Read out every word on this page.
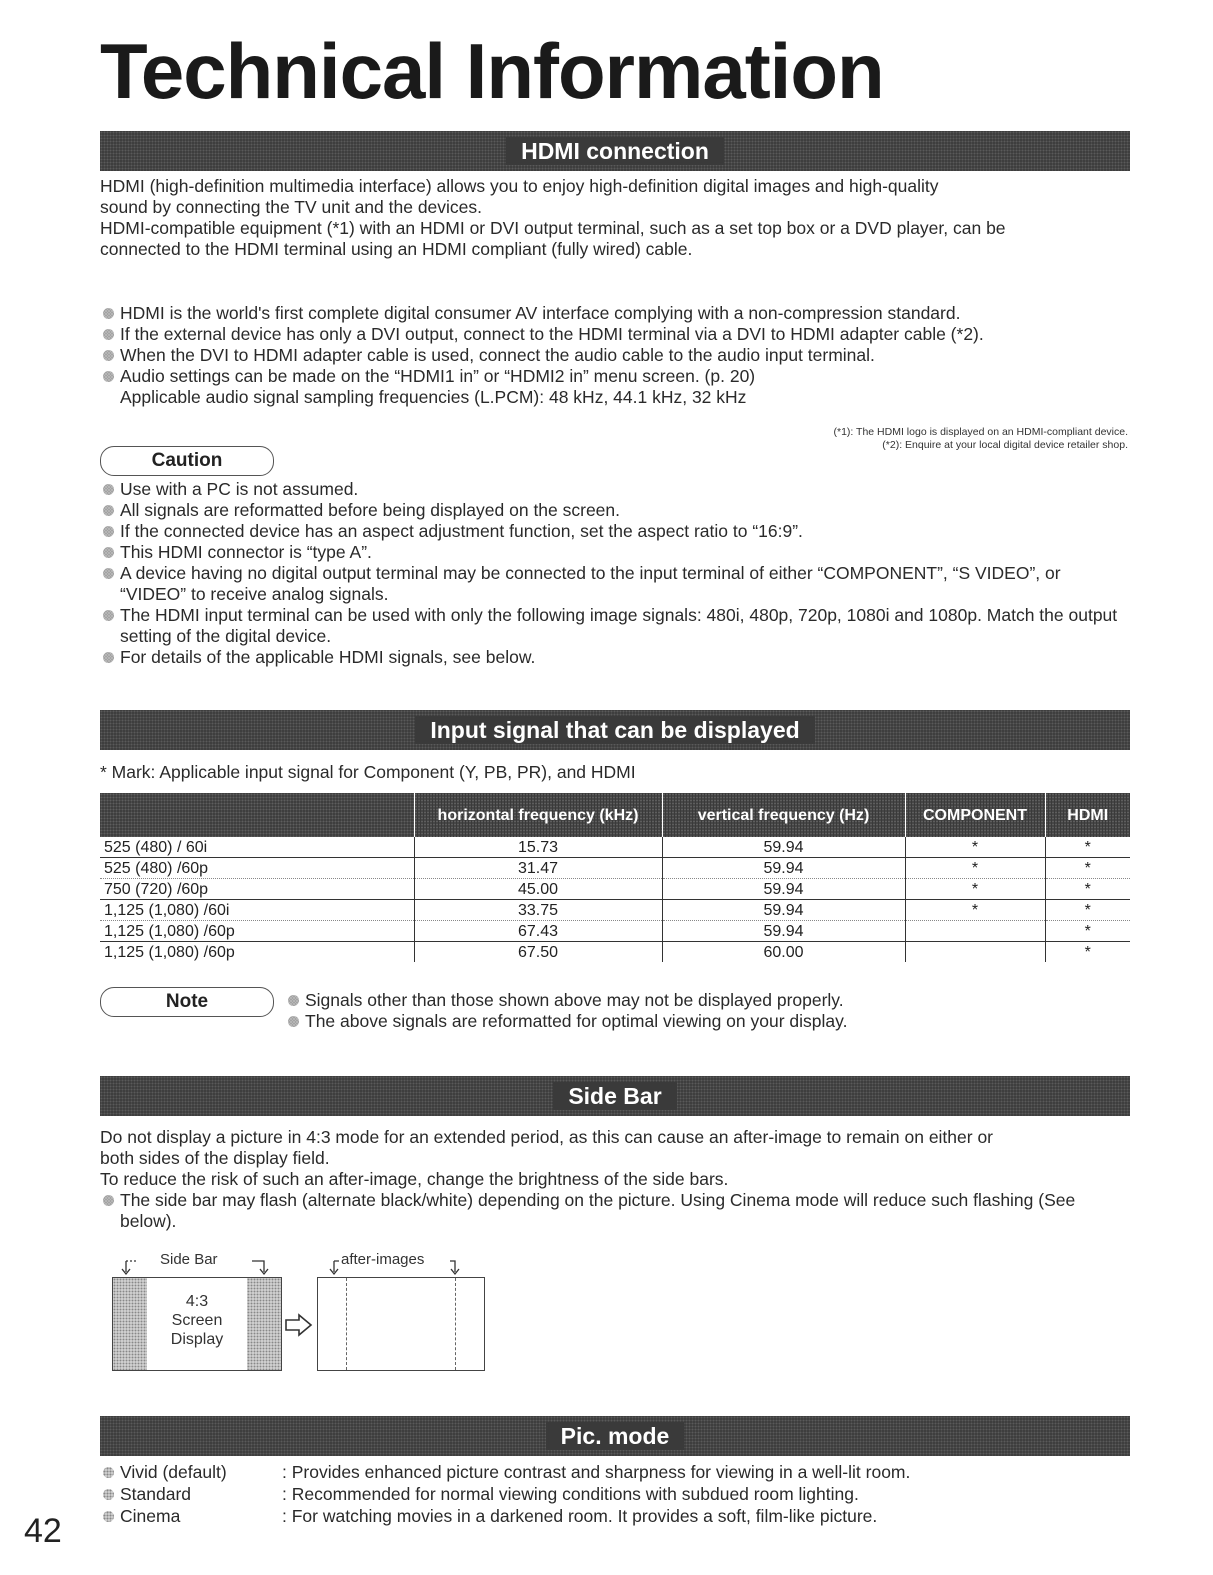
Technical Information
HDMI connection

HDMI (high-definition multimedia interface) allows you to enjoy high-definition digital images and high-quality

sound by connecting the TV unit and the devices.

HDMI-compatible equipment (*1) with an HDMI or DVI output terminal, such as a set top box or a DVD player, can be

connected to the HDMI terminal using an HDMI compliant (fully wired) cable.

HDMI is the world's first complete digital consumer AV interface complying with a non-compression standard.
If the external device has only a DVI output, connect to the HDMI terminal via a DVI to HDMI adapter cable (*2).
When the DVI to HDMI adapter cable is used, connect the audio cable to the audio input terminal.
Audio settings can be made on the “HDMI1 in” or “HDMI2 in” menu screen. (p. 20)
Applicable audio signal sampling frequencies (L.PCM): 48 kHz, 44.1 kHz, 32 kHz
(*1): The HDMI logo is displayed on an HDMI-compliant device.
(*2): Enquire at your local digital device retailer shop.
Caution
Use with a PC is not assumed.
All signals are reformatted before being displayed on the screen.
If the connected device has an aspect adjustment function, set the aspect ratio to “16:9”.
This HDMI connector is “type A”.
A device having no digital output terminal may be connected to the input terminal of either “COMPONENT”, “S VIDEO”, or “VIDEO” to receive analog signals.
The HDMI input terminal can be used with only the following image signals: 480i, 480p, 720p, 1080i and 1080p. Match the output setting of the digital device.
For details of the applicable HDMI signals, see below.
Input signal that can be displayed
* Mark: Applicable input signal for Component (Y, PB, PR), and HDMI
	horizontal frequency (kHz)	vertical frequency (Hz)	COMPONENT	HDMI
525 (480) / 60i	15.73	59.94	*	*
525 (480) /60p	31.47	59.94	*	*
750 (720) /60p	45.00	59.94	*	*
1,125 (1,080) /60i	33.75	59.94	*	*
1,125 (1,080) /60p	67.43	59.94		*
1,125 (1,080) /60p	67.50	60.00		*
Note	Signals other than those shown above may not be displayed properly.
The above signals are reformatted for optimal viewing on your display.
Side Bar

Do not display a picture in 4:3 mode for an extended period, as this can cause an after-image to remain on either or

both sides of the display field.

To reduce the risk of such an after-image, change the brightness of the side bars.

The side bar may flash (alternate black/white) depending on the picture. Using Cinema mode will reduce such flashing (See below).
Side Bar	after-images
4:3
Screen
Display
Pic. mode
Vivid (default)	: Provides enhanced picture contrast and sharpness for viewing in a well-lit room.
Standard	: Recommended for normal viewing conditions with subdued room lighting.
Cinema	: For watching movies in a darkened room. It provides a soft, film-like picture.
42
